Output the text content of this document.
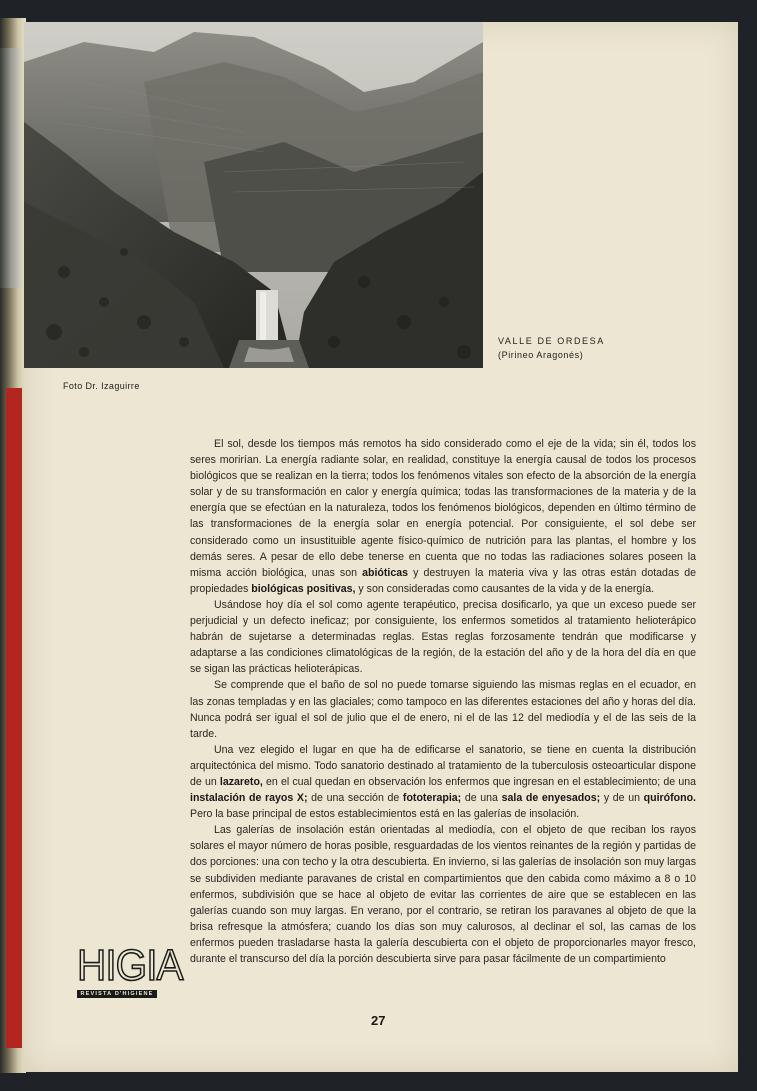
VALLE DE ORDESA
(Pirineo Aragonés)
Foto Dr. Izaguirre

El sol, desde los tiempos más remotos ha sido considerado como el eje de la vida; sin él, todos los seres morirían. La energía radiante solar, en realidad, constituye la energía causal de todos los procesos biológicos que se realizan en la tierra; todos los fenómenos vitales son efecto de la absorción de la energía solar y de su transformación en calor y energía química; todas las transformaciones de la materia y de la energía que se efectúan en la naturaleza, todos los fenómenos biológicos, dependen en último término de las transformaciones de la energía solar en energía potencial. Por consiguiente, el sol debe ser considerado como un insustituible agente físico-químico de nutrición para las plantas, el hombre y los demás seres. A pesar de ello debe tenerse en cuenta que no todas las radiaciones solares poseen la misma acción biológica, unas son abióticas y destruyen la materia viva y las otras están dotadas de propiedades biológicas positivas, y son consideradas como causantes de la vida y de la energía.

Usándose hoy día el sol como agente terapéutico, precisa dosificarlo, ya que un exceso puede ser perjudicial y un defecto ineficaz; por consiguiente, los enfermos sometidos al tratamiento helioterápico habrán de sujetarse a determinadas reglas. Estas reglas forzosamente tendrán que modificarse y adaptarse a las condiciones climatológicas de la región, de la estación del año y de la hora del día en que se sigan las prácticas helioterápicas.

Se comprende que el baño de sol no puede tomarse siguiendo las mismas reglas en el ecuador, en las zonas templadas y en las glaciales; como tampoco en las diferentes estaciones del año y horas del día. Nunca podrá ser igual el sol de julio que el de enero, ni el de las 12 del mediodía y el de las seis de la tarde.

Una vez elegido el lugar en que ha de edificarse el sanatorio, se tiene en cuenta la distribución arquitectónica del mismo. Todo sanatorio destinado al tratamiento de la tuberculosis osteoarticular dispone de un lazareto, en el cual quedan en observación los enfermos que ingresan en el establecimiento; de una instalación de rayos X; de una sección de fototerapia; de una sala de enyesados; y de un quirófono. Pero la base principal de estos establecimientos está en las galerías de insolación.

Las galerías de insolación están orientadas al mediodía, con el objeto de que reciban los rayos solares el mayor número de horas posible, resguardadas de los vientos reinantes de la región y partidas de dos porciones: una con techo y la otra descubierta. En invierno, si las galerías de insolación son muy largas se subdividen mediante paravanes de cristal en compartimientos que den cabida como máximo a 8 o 10 enfermos, subdivisión que se hace al objeto de evitar las corrientes de aire que se establecen en las galerías cuando son muy largas. En verano, por el contrario, se retiran los paravanes al objeto de que la brisa refresque la atmósfera; cuando los días son muy calurosos, al declinar el sol, las camas de los enfermos pueden trasladarse hasta la galería descubierta con el objeto de proporcionarles mayor fresco, durante el transcurso del día la porción descubierta sirve para pasar fácilmente de un compartimiento

HIGIA
REVISTA D'HIGIENE
27
